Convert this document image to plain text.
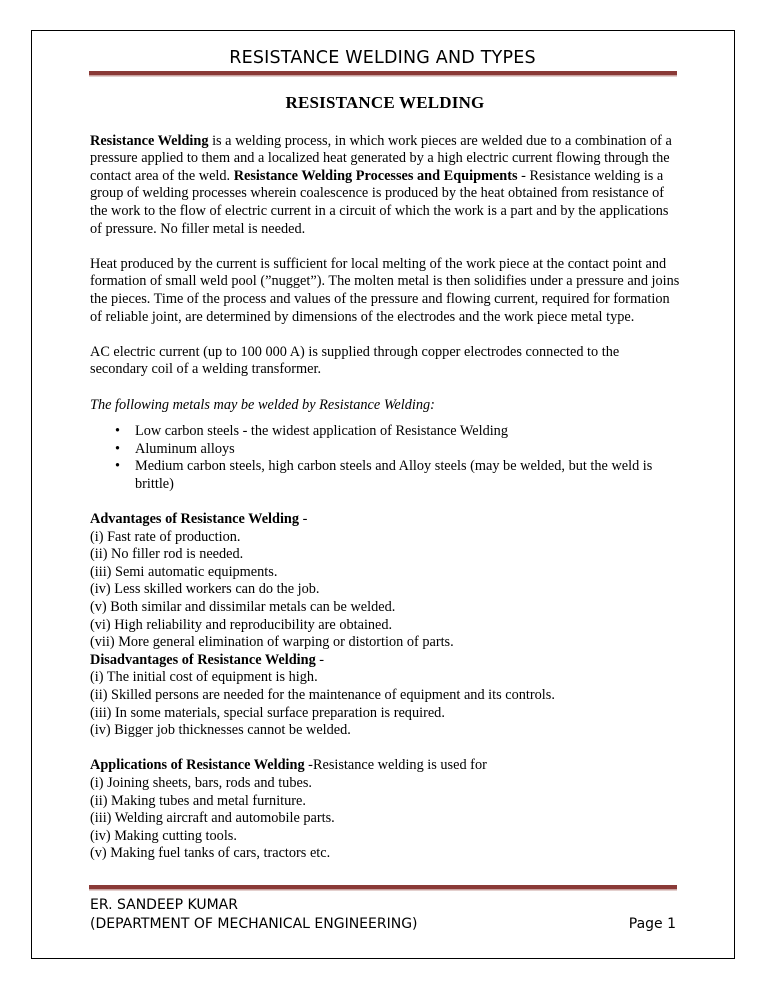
RESISTANCE WELDING AND TYPES
RESISTANCE WELDING

Resistance Welding is a welding process, in which work pieces are welded due to a combination of a pressure applied to them and a localized heat generated by a high electric current flowing through the contact area of the weld. Resistance Welding Processes and Equipments - Resistance welding is a group of welding processes wherein coalescence is produced by the heat obtained from resistance of the work to the flow of electric current in a circuit of which the work is a part and by the applications of pressure. No filler metal is needed.

Heat produced by the current is sufficient for local melting of the work piece at the contact point and formation of small weld pool (”nugget”). The molten metal is then solidifies under a pressure and joins the pieces. Time of the process and values of the pressure and flowing current, required for formation of reliable joint, are determined by dimensions of the electrodes and the work piece metal type.

AC electric current (up to 100 000 A) is supplied through copper electrodes connected to the secondary coil of a welding transformer.

The following metals may be welded by Resistance Welding:

• Low carbon steels - the widest application of Resistance Welding
• Aluminum alloys
• Medium carbon steels, high carbon steels and Alloy steels (may be welded, but the weld is brittle)

Advantages of Resistance Welding -

(i) Fast rate of production.
(ii) No filler rod is needed.
(iii) Semi automatic equipments.
(iv) Less skilled workers can do the job.
(v) Both similar and dissimilar metals can be welded.
(vi) High reliability and reproducibility are obtained.
(vii) More general elimination of warping or distortion of parts.

Disadvantages of Resistance Welding -

(i) The initial cost of equipment is high.
(ii) Skilled persons are needed for the maintenance of equipment and its controls.
(iii) In some materials, special surface preparation is required.
(iv) Bigger job thicknesses cannot be welded.

Applications of Resistance Welding -Resistance welding is used for

(i) Joining sheets, bars, rods and tubes.
(ii) Making tubes and metal furniture.
(iii) Welding aircraft and automobile parts.
(iv) Making cutting tools.
(v) Making fuel tanks of cars, tractors etc.
ER. SANDEEP KUMAR
(DEPARTMENT OF MECHANICAL ENGINEERING)	Page 1
